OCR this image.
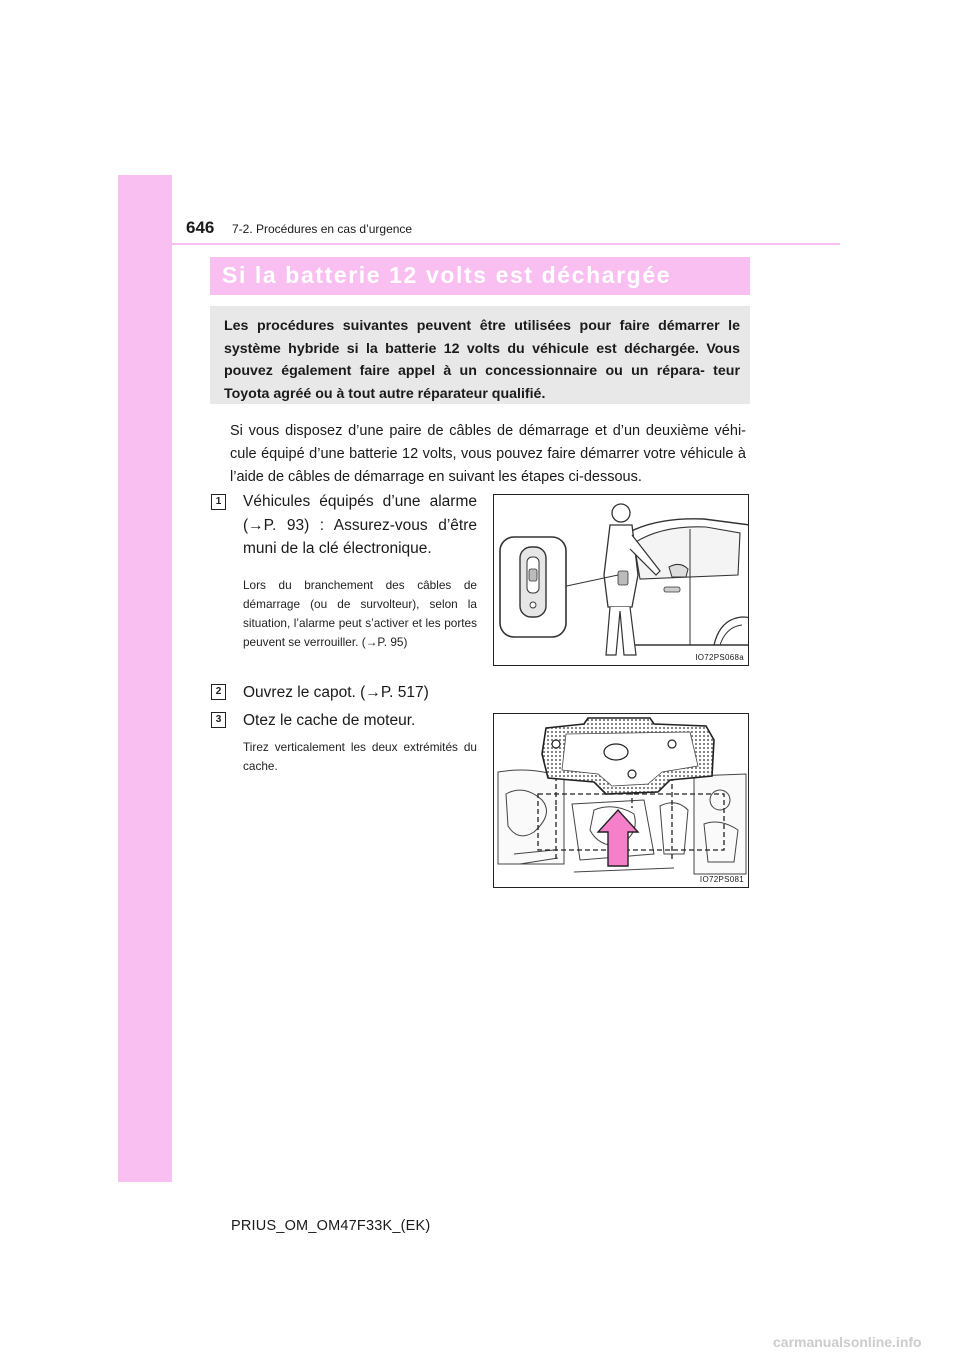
646 7-2. Procédures en cas d’urgence
Si la batterie 12 volts est déchargée
Les procédures suivantes peuvent être utilisées pour faire démarrer le système hybride si la batterie 12 volts du véhicule est déchargée. Vous pouvez également faire appel à un concessionnaire ou un répara- teur Toyota agréé ou à tout autre réparateur qualifié.
Si vous disposez d’une paire de câbles de démarrage et d’un deuxième véhi- cule équipé d’une batterie 12 volts, vous pouvez faire démarrer votre véhicule à l’aide de câbles de démarrage en suivant les étapes ci-dessous.
1	Véhicules équipés d’une alarme (→P. 93) : Assurez-vous d’être muni de la clé électronique.
Lors du branchement des câbles de démarrage (ou de survolteur), selon la situation, l’alarme peut s’activer et les portes peuvent se verrouiller. (→P. 95)
IO72PS068a
2	Ouvrez le capot. (→P. 517)
3	Otez le cache de moteur.
Tirez verticalement les deux extrémités du cache.
IO72PS081
PRIUS_OM_OM47F33K_(EK)
carmanualsonline.info
